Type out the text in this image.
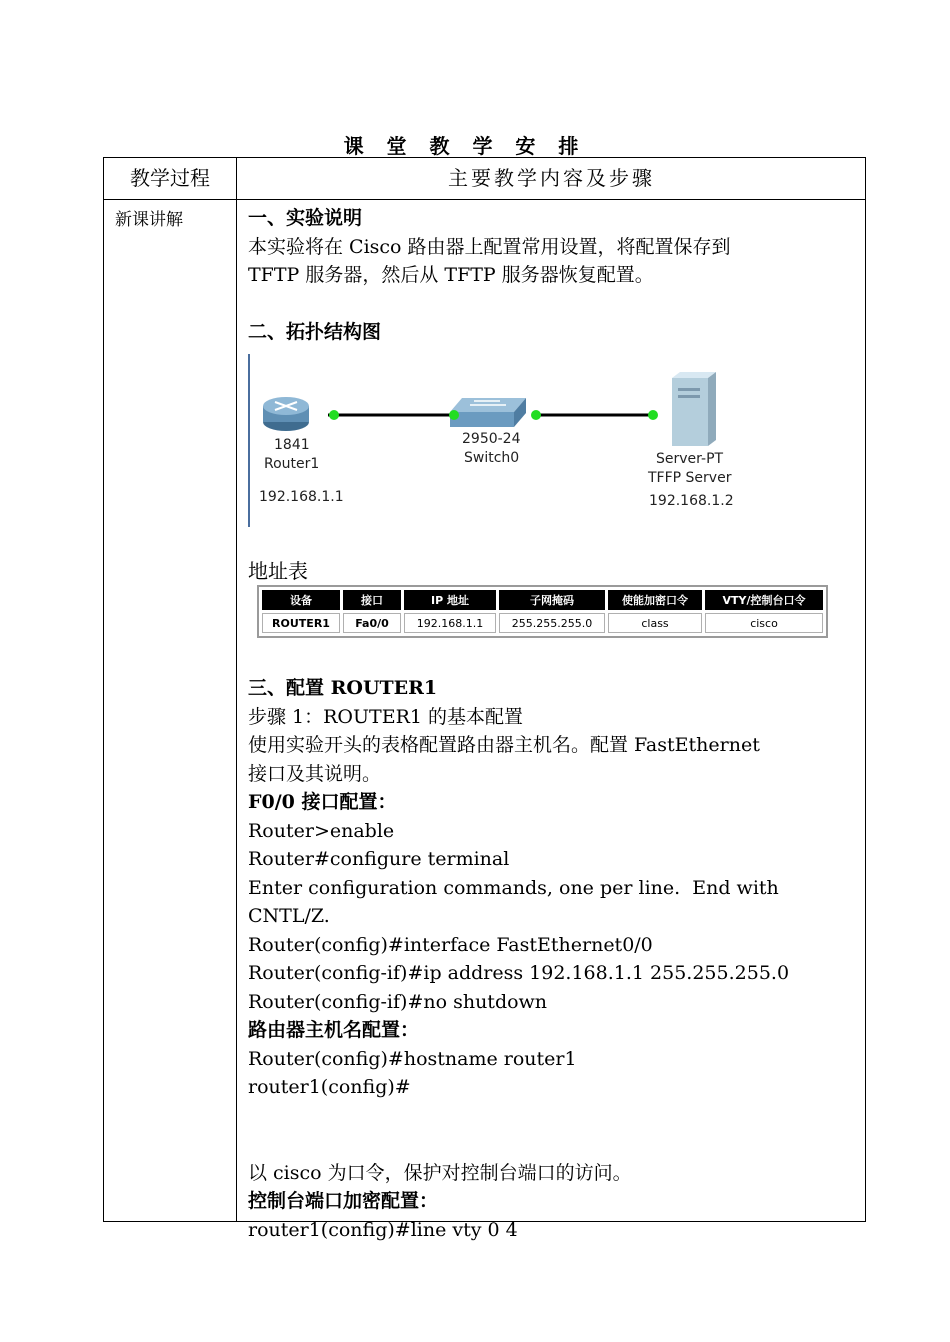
课 堂 教 学 安 排
教学过程	主要教学内容及步骤
新课讲解	一、实验说明
本实验将在 Cisco 路由器上配置常用设置，将配置保存到
TFTP 服务器，然后从 TFTP 服务器恢复配置。
二、拓扑结构图
1841
Router1
192.168.1.1
2950-24
Switch0	Server-PT
TFFP Server
192.168.1.2
地址表
设备	接口	IP 地址	子网掩码	使能加密口令	VTY/控制台口令
ROUTER1	Fa0/0	192.168.1.1	255.255.255.0	class	cisco
三、配置 ROUTER1
步骤 1：ROUTER1 的基本配置
使用实验开头的表格配置路由器主机名。配置 FastEthernet
接口及其说明。
F0/0 接口配置：
Router>enable
Router#configure terminal
Enter configuration commands, one per line.  End with
CNTL/Z.
Router(config)#interface FastEthernet0/0
Router(config-if)#ip address 192.168.1.1 255.255.255.0
Router(config-if)#no shutdown
路由器主机名配置：
Router(config)#hostname router1
router1(config)#
以 cisco 为口令，保护对控制台端口的访问。
控制台端口加密配置：
router1(config)#line vty 0 4
